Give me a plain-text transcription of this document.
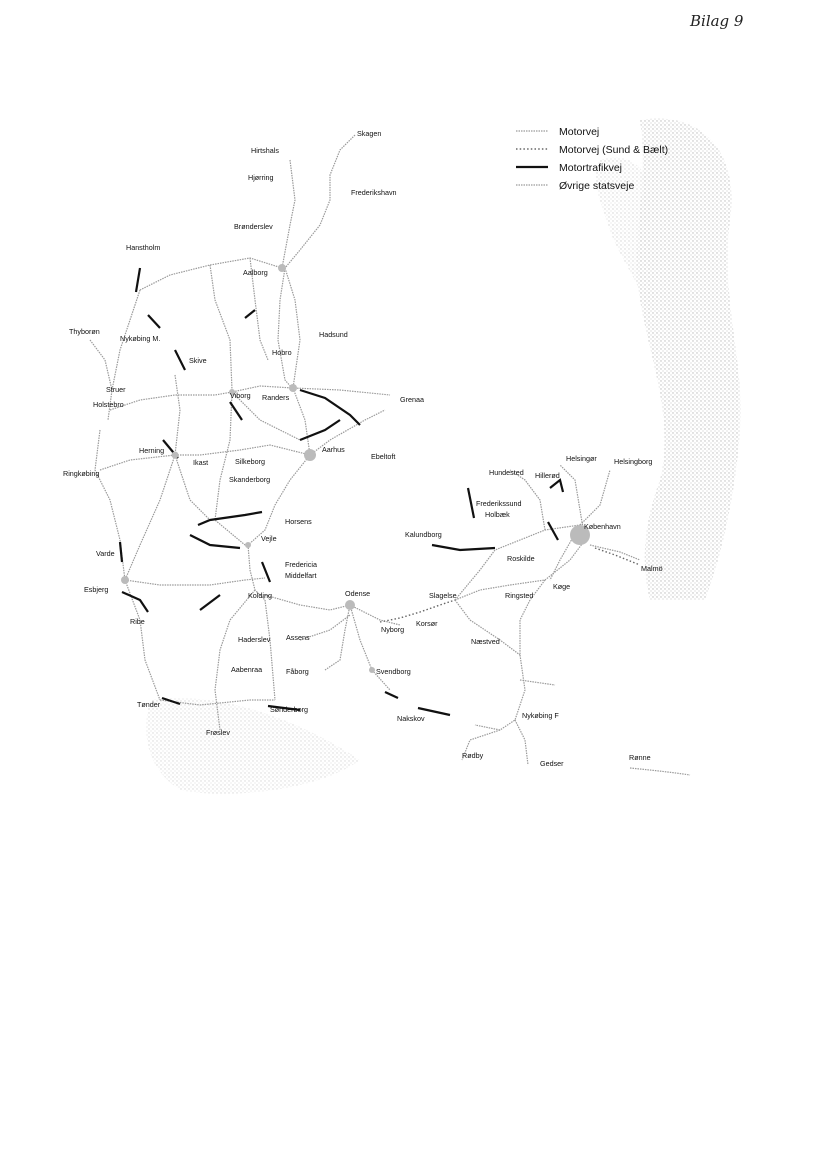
Bilag 9
Motorvej
Motorvej (Sund & Bælt)
Motortrafikvej
Øvrige statsveje
Skagen
Hirtshals
Hjørring
Frederikshavn
Brønderslev
Hanstholm
Aalborg
Thyborøn
Nykøbing M.	Hadsund
Skive
Hobro
Struer
Holstebro
Viborg Randers	Grenaa
Herning
Ikast	Silkeborg
Aarhus
Ebeltoft
Ringkøbing
Skanderborg
Horsens
Vejle
Varde
Fredericia
Middelfart
Esbjerg
Kolding
Ribe
Haderslev Assens
Aabenraa	Fåborg
Tønder
Sønderborg
Frøslev
Odense
Nyborg
Korsør
Slagelse
Svendborg
Nakskov
Rødby
Nykøbing F
Gedser
Rønne
Næstved
Ringsted
Køge
Roskilde
København
Malmö
Kalundborg
Holbæk
Frederikssund
Hundested Hillerød
Helsingør Helsingborg
